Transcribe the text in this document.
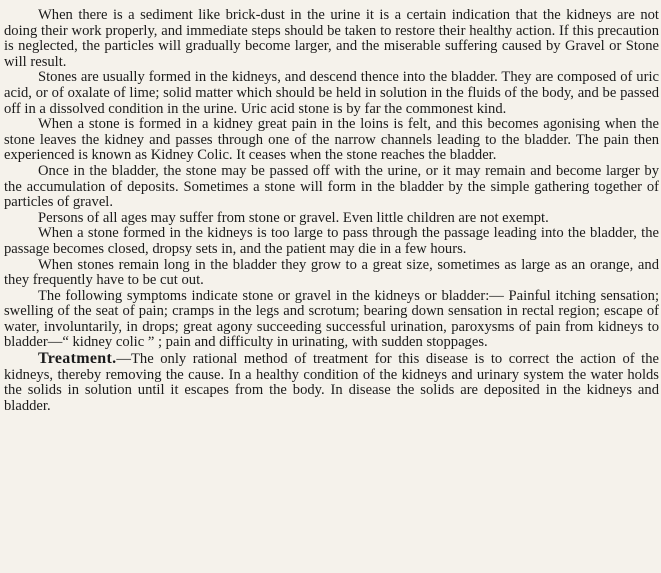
When there is a sediment like brick-dust in the urine it is a certain indication that the kidneys are not doing their work properly, and immediate steps should be taken to restore their healthy action. If this precaution is neglected, the particles will gradually become larger, and the miserable suffering caused by Gravel or Stone will result.

Stones are usually formed in the kidneys, and descend thence into the bladder. They are composed of uric acid, or of oxalate of lime; solid matter which should be held in solution in the fluids of the body, and be passed off in a dissolved condition in the urine. Uric acid stone is by far the commonest kind.

When a stone is formed in a kidney great pain in the loins is felt, and this becomes agonising when the stone leaves the kidney and passes through one of the narrow channels leading to the bladder. The pain then experienced is known as Kidney Colic. It ceases when the stone reaches the bladder.

Once in the bladder, the stone may be passed off with the urine, or it may remain and become larger by the accumulation of deposits. Sometimes a stone will form in the bladder by the simple gathering together of particles of gravel.

Persons of all ages may suffer from stone or gravel. Even little children are not exempt.

When a stone formed in the kidneys is too large to pass through the passage leading into the bladder, the passage becomes closed, dropsy sets in, and the patient may die in a few hours.

When stones remain long in the bladder they grow to a great size, sometimes as large as an orange, and they frequently have to be cut out.

The following symptoms indicate stone or gravel in the kidneys or bladder:— Painful itching sensation; swelling of the seat of pain; cramps in the legs and scrotum; bearing down sensation in rectal region; escape of water, involuntarily, in drops; great agony succeeding successful urination, paroxysms of pain from kidneys to bladder—“ kidney colic ” ; pain and difficulty in urinating, with sudden stoppages.

Treatment.—The only rational method of treatment for this disease is to correct the action of the kidneys, thereby removing the cause. In a healthy condition of the kidneys and urinary system the water holds the solids in solution until it escapes from the body. In disease the solids are deposited in the kidneys and bladder.
